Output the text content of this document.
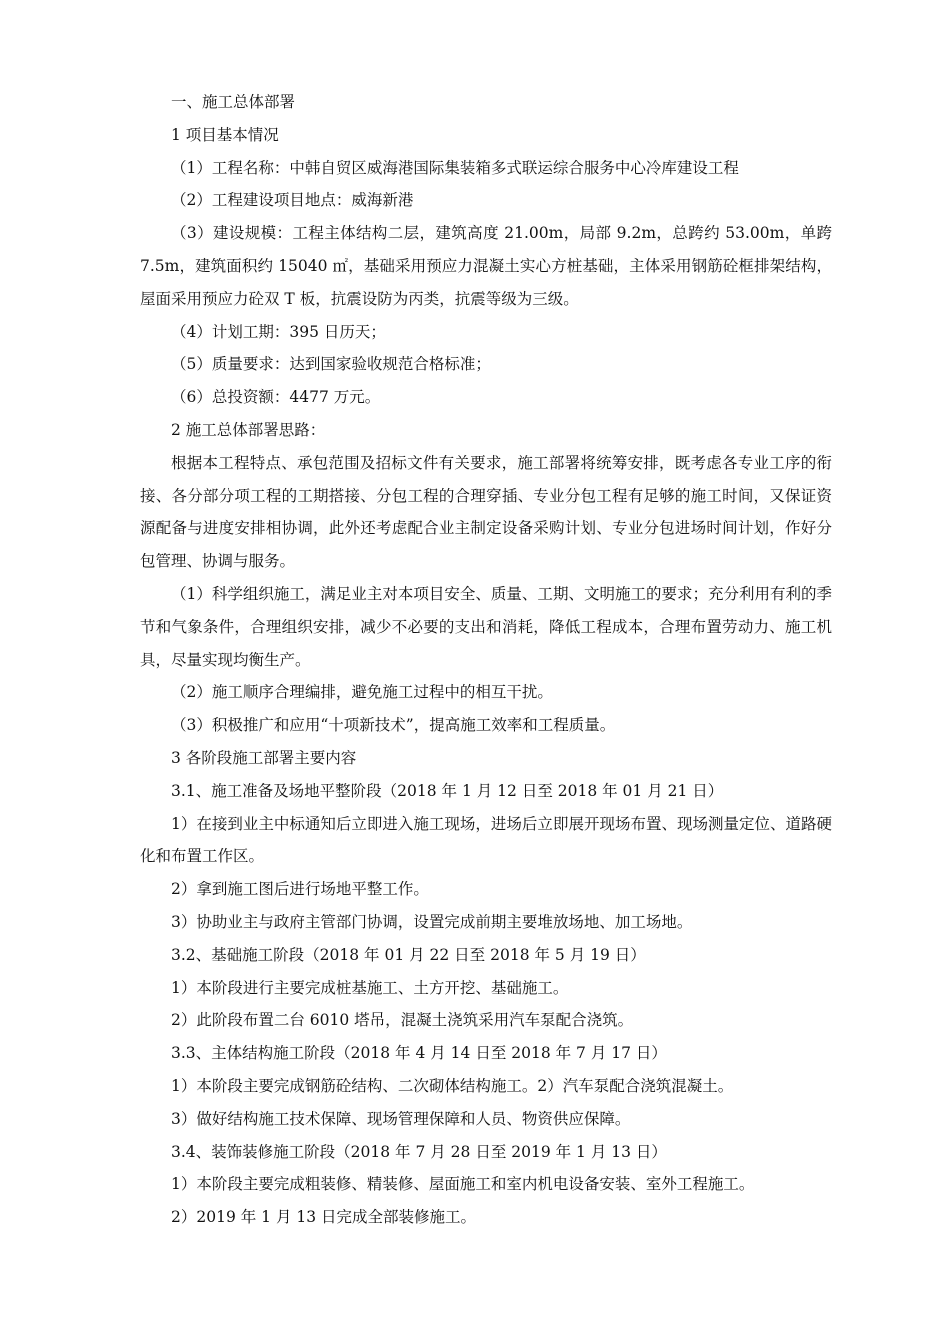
一、施工总体部署

1 项目基本情况

（1）工程名称：中韩自贸区威海港国际集装箱多式联运综合服务中心冷库建设工程

（2）工程建设项目地点：威海新港

（3）建设规模：工程主体结构二层，建筑高度 21.00m，局部 9.2m，总跨约 53.00m，单跨 7.5m，建筑面积约 15040 ㎡，基础采用预应力混凝土实心方桩基础，主体采用钢筋砼框排架结构，屋面采用预应力砼双 T 板，抗震设防为丙类，抗震等级为三级。

（4）计划工期：395 日历天；

（5）质量要求：达到国家验收规范合格标准；

（6）总投资额：4477 万元。

2 施工总体部署思路：

根据本工程特点、承包范围及招标文件有关要求，施工部署将统筹安排，既考虑各专业工序的衔接、各分部分项工程的工期搭接、分包工程的合理穿插、专业分包工程有足够的施工时间，又保证资源配备与进度安排相协调，此外还考虑配合业主制定设备采购计划、专业分包进场时间计划，作好分包管理、协调与服务。

（1）科学组织施工，满足业主对本项目安全、质量、工期、文明施工的要求；充分利用有利的季节和气象条件，合理组织安排，减少不必要的支出和消耗，降低工程成本，合理布置劳动力、施工机具，尽量实现均衡生产。

（2）施工顺序合理编排，避免施工过程中的相互干扰。

（3）积极推广和应用“十项新技术”，提高施工效率和工程质量。

3 各阶段施工部署主要内容

3.1、施工准备及场地平整阶段（2018 年 1 月 12 日至 2018 年 01 月 21 日）

1）在接到业主中标通知后立即进入施工现场，进场后立即展开现场布置、现场测量定位、道路硬化和布置工作区。

2）拿到施工图后进行场地平整工作。

3）协助业主与政府主管部门协调，设置完成前期主要堆放场地、加工场地。

3.2、基础施工阶段（2018 年 01 月 22 日至 2018 年 5 月 19 日）

1）本阶段进行主要完成桩基施工、土方开挖、基础施工。

2）此阶段布置二台 6010 塔吊，混凝土浇筑采用汽车泵配合浇筑。

3.3、主体结构施工阶段（2018 年 4 月 14 日至 2018 年 7 月 17 日）

1）本阶段主要完成钢筋砼结构、二次砌体结构施工。2）汽车泵配合浇筑混凝土。

3）做好结构施工技术保障、现场管理保障和人员、物资供应保障。

3.4、装饰装修施工阶段（2018 年 7 月 28 日至 2019 年 1 月 13 日）

1）本阶段主要完成粗装修、精装修、屋面施工和室内机电设备安装、室外工程施工。

2）2019 年 1 月 13 日完成全部装修施工。
